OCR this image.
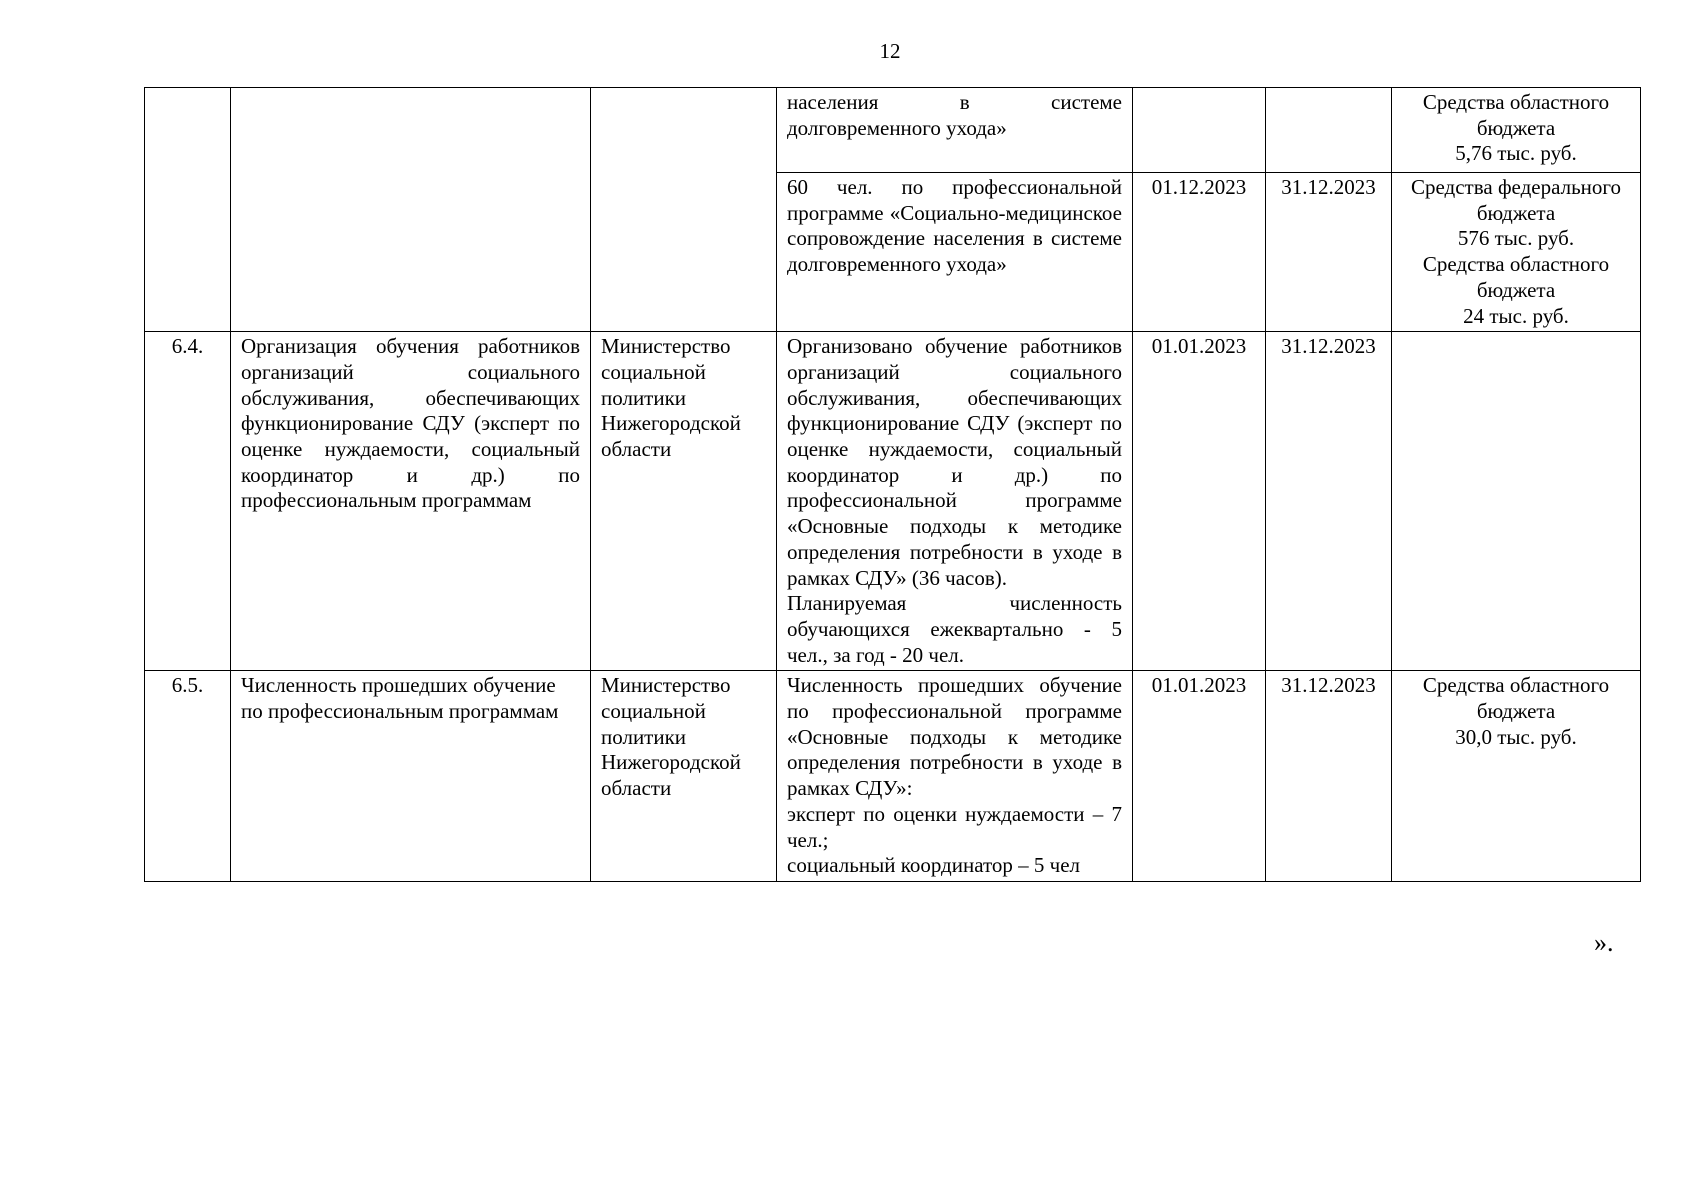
12
			населения в системе долговременного ухода»			Средства областного бюджета
5,76 тыс. руб.

			60 чел. по профессиональной программе «Социально-медицинское сопровождение населения в системе долговременного ухода»	01.12.2023	31.12.2023	Средства федерального бюджета
576 тыс. руб.
Средства областного бюджета
24 тыс. руб.

6.4.	Организация обучения работников организаций социального обслуживания, обеспечивающих функционирование СДУ (эксперт по оценке нуждаемости, социальный координатор и др.) по профессиональным программам	Министерство социальной политики Нижегородской области	Организовано обучение работников организаций социального обслуживания, обеспечивающих функционирование СДУ (эксперт по оценке нуждаемости, социальный координатор и др.) по профессиональной программе «Основные подходы к методике определения потребности в уходе в рамках СДУ» (36 часов).
Планируемая численность обучающихся ежеквартально - 5 чел., за год - 20 чел.	01.01.2023	31.12.2023	
6.5.	Численность прошедших обучение по профессиональным программам	Министерство социальной политики Нижегородской области	Численность прошедших обучение по профессиональной программе «Основные подходы к методике определения потребности в уходе в рамках СДУ»:
эксперт по оценки нуждаемости – 7 чел.;
социальный координатор – 5 чел	01.01.2023	31.12.2023	Средства областного бюджета
30,0 тыс. руб.
».
